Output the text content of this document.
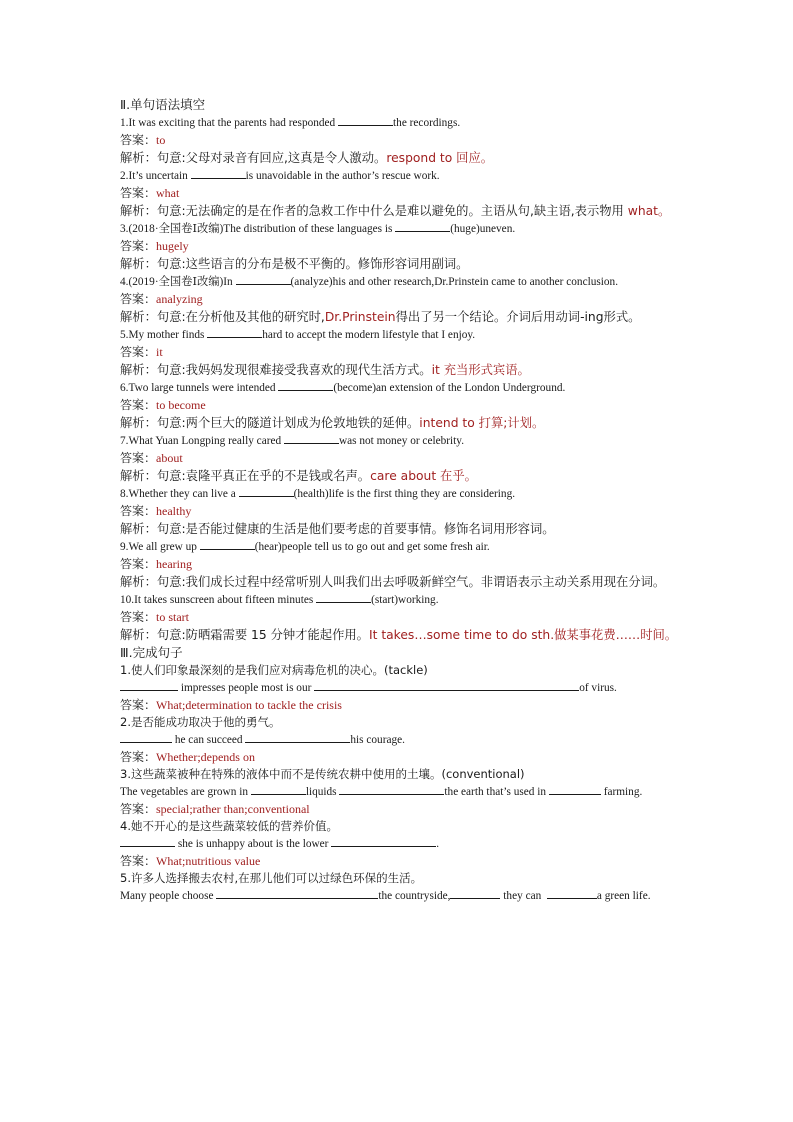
Ⅱ.单句语法填空
1.It was exciting that the parents had responded	the recordings.
答案：to
解析：句意:父母对录音有回应,这真是令人激动。respond to 回应。
2.It’s uncertain	is unavoidable in the author’s rescue work.
答案：what
解析：句意:无法确定的是在作者的急救工作中什么是难以避免的。主语从句,缺主语,表示物用 what。
3.(2018·全国卷Ⅰ改编)The distribution of these languages is	(huge)uneven.
答案：hugely
解析：句意:这些语言的分布是极不平衡的。修饰形容词用副词。
4.(2019·全国卷Ⅰ改编)In	(analyze)his and other research,Dr.Prinstein came to another conclusion.
答案：analyzing
解析：句意:在分析他及其他的研究时,Dr.Prinstein得出了另一个结论。介词后用动词-ing形式。
5.My mother finds	hard to accept the modern lifestyle that I enjoy.
答案：it
解析：句意:我妈妈发现很难接受我喜欢的现代生活方式。it 充当形式宾语。
6.Two large tunnels were intended	(become)an extension of the London Underground.
答案：to become
解析：句意:两个巨大的隧道计划成为伦敦地铁的延伸。intend to 打算;计划。
7.What Yuan Longping really cared	was not money or celebrity.
答案：about
解析：句意:袁隆平真正在乎的不是钱或名声。care about 在乎。
8.Whether they can live a	(health)life is the first thing they are considering.
答案：healthy
解析：句意:是否能过健康的生活是他们要考虑的首要事情。修饰名词用形容词。
9.We all grew up	(hear)people tell us to go out and get some fresh air.
答案：hearing
解析：句意:我们成长过程中经常听别人叫我们出去呼吸新鲜空气。非谓语表示主动关系用现在分词。
10.It takes sunscreen about fifteen minutes	(start)working.
答案：to start
解析：句意:防晒霜需要 15 分钟才能起作用。It takes…some time to do sth.做某事花费……时间。
Ⅲ.完成句子
1.使人们印象最深刻的是我们应对病毒危机的决心。(tackle)
impresses people most is our	of virus.
答案：What;determination to tackle the crisis
2.是否能成功取决于他的勇气。
he can succeed	his courage.
答案：Whether;depends on
3.这些蔬菜被种在特殊的液体中而不是传统农耕中使用的土壤。(conventional)
The vegetables are grown in	liquids	the earth that’s used in	farming.
答案：special;rather than;conventional
4.她不开心的是这些蔬菜较低的营养价值。
she is unhappy about is the lower	.
答案：What;nutritious value
5.许多人选择搬去农村,在那儿他们可以过绿色环保的生活。
Many people choose	the countryside,	they can	a green life.
